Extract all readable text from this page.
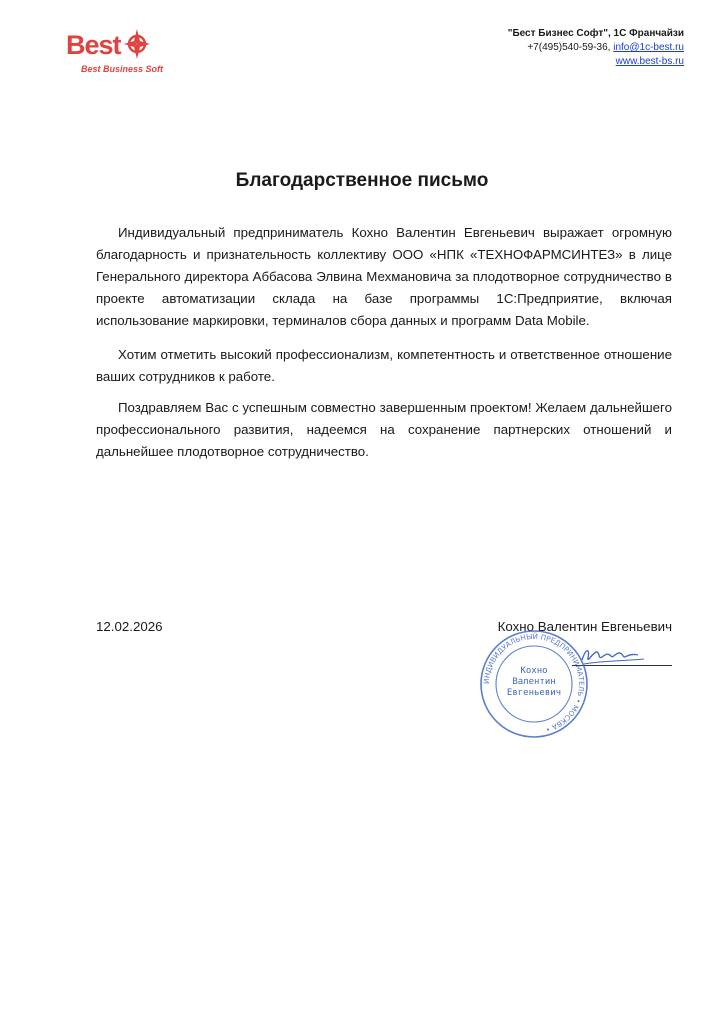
Best
Best Business Soft
"Бест Бизнес Софт", 1С Франчайзи
+7(495)540-59-36, info@1c-best.ru
www.best-bs.ru
Благодарственное письмо

Индивидуальный предприниматель Кохно Валентин Евгеньевич выражает огромную благодарность и признательность коллективу ООО «НПК «ТЕХНОФАРМСИНТЕЗ» в лице Генерального директора Аббасова Элвина Мехмановича за плодотворное сотрудничество в проекте автоматизации склада на базе программы 1С:Предприятие, включая использование маркировки, терминалов сбора данных и программ Data Mobile.

Хотим отметить высокий профессионализм, компетентность и ответственное отношение ваших сотрудников к работе.

Поздравляем Вас с успешным совместно завершенным проектом! Желаем дальнейшего профессионального развития, надеемся на сохранение партнерских отношений и дальнейшее плодотворное сотрудничество.

12.02.2026	Кохно Валентин Евгеньевич
ИНДИВИДУАЛЬНЫЙ ПРЕДПРИНИМАТЕЛЬ • МОСКВА •
Кохно
Валентин
Евгеньевич
